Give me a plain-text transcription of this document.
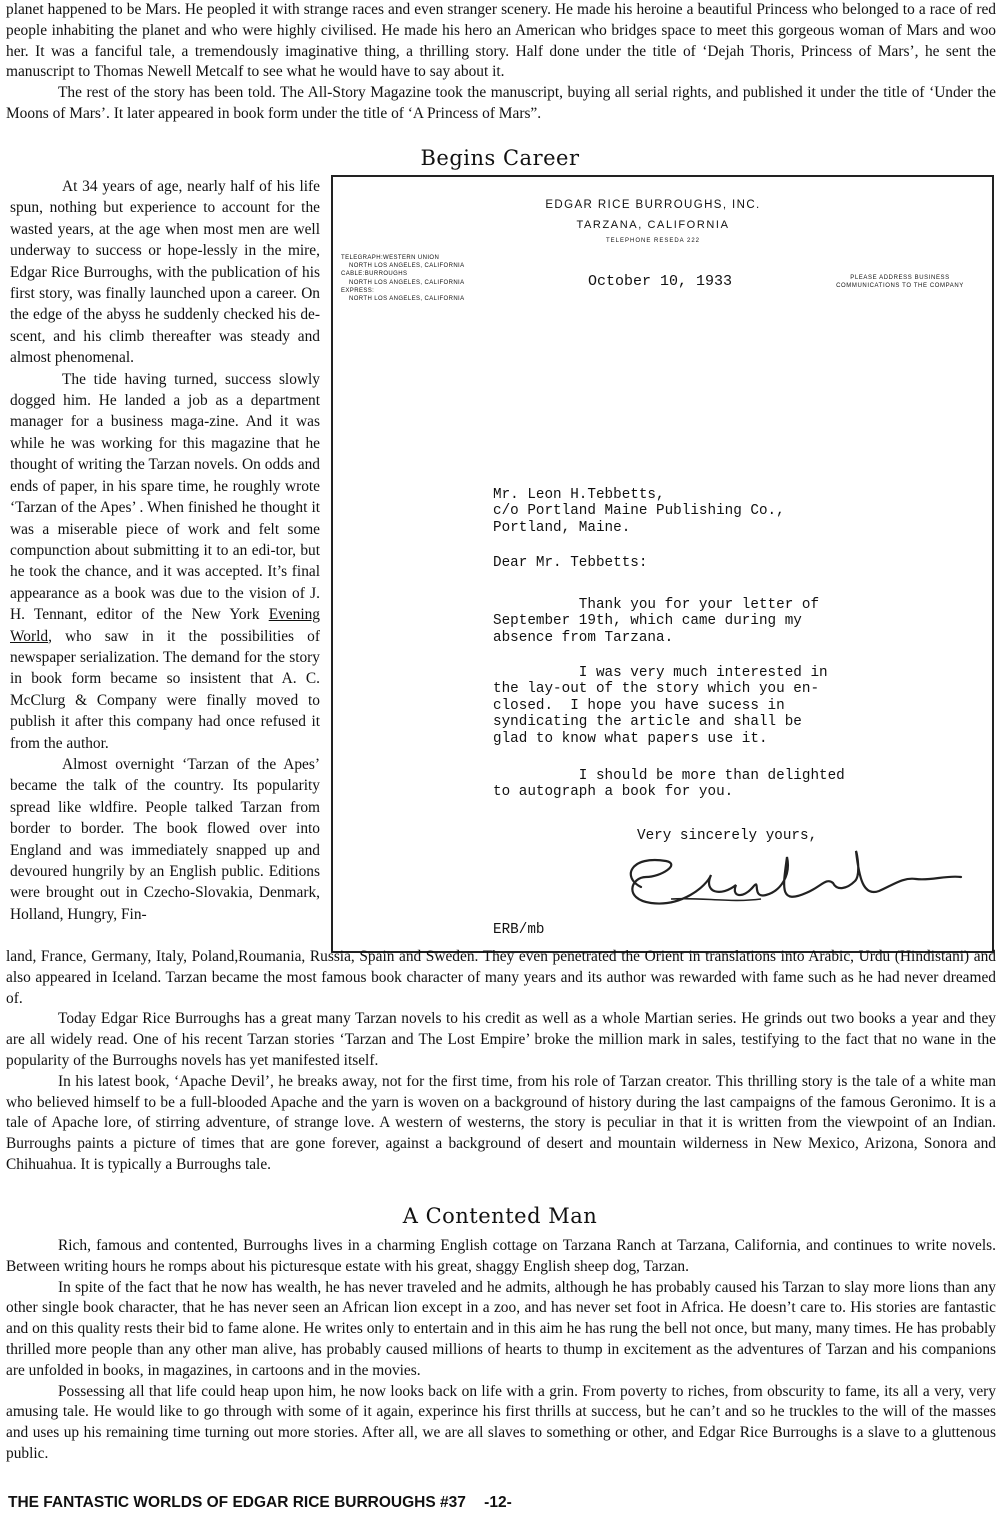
planet happened to be Mars. He peopled it with strange races and even stranger scenery. He made his heroine a beautiful Princess who belonged to a race of red people inhabiting the planet and who were highly civilised. He made his hero an American who bridges space to meet this gorgeous woman of Mars and woo her. It was a fanciful tale, a tremendously imaginative thing, a thrilling story. Half done under the title of ‘Dejah Thoris, Princess of Mars’, he sent the manuscript to Thomas Newell Metcalf to see what he would have to say about it.

The rest of the story has been told. The All-Story Magazine took the manuscript, buying all serial rights, and published it under the title of ‘Under the Moons of Mars’. It later appeared in book form under the title of ‘A Princess of Mars”.

Begins Career

At 34 years of age, nearly half of his life spun, nothing but experience to account for the wasted years, at the age when most men are well underway to success or hope-lessly in the mire, Edgar Rice Burroughs, with the publication of his first story, was finally launched upon a career. On the edge of the abyss he suddenly checked his de-scent, and his climb thereafter was steady and almost phenomenal.

The tide having turned, success slowly dogged him. He landed a job as a department manager for a business maga-zine. And it was while he was working for this magazine that he thought of writing the Tarzan novels. On odds and ends of paper, in his spare time, he roughly wrote ‘Tarzan of the Apes’ . When finished he thought it was a miserable piece of work and felt some compunction about submitting it to an edi-tor, but he took the chance, and it was accepted. It’s final appearance as a book was due to the vision of J. H. Tennant, editor of the New York Evening World, who saw in it the possibilities of newspaper serialization. The demand for the story in book form became so insistent that A. C. McClurg & Company were finally moved to publish it after this company had once refused it from the author.

Almost overnight ‘Tarzan of the Apes’ became the talk of the country. Its popularity spread like wldfire. People talked Tarzan from border to border. The book flowed over into England and was immediately snapped up and devoured hungrily by an English public. Editions were brought out in Czecho-Slovakia, Denmark, Holland, Hungry, Fin-

EDGAR RICE BURROUGHS, INC.
TARZANA, CALIFORNIA
TELEPHONE RESEDA 222
TELEGRAPH:WESTERN UNION
NORTH LOS ANGELES, CALIFORNIA
CABLE:BURROUGHS
NORTH LOS ANGELES, CALIFORNIA
EXPRESS:
NORTH LOS ANGELES, CALIFORNIA
PLEASE ADDRESS BUSINESS
COMMUNICATIONS TO THE COMPANY
October 10, 1933
Mr. Leon H.Tebbetts,
c/o Portland Maine Publishing Co.,
Portland, Maine.
Dear Mr. Tebbetts:
Thank you for your letter of
September 19th, which came during my
absence from Tarzana.
I was very much interested in
the lay-out of the story which you en-
closed.  I hope you have sucess in
syndicating the article and shall be
glad to know what papers use it.
I should be more than delighted
to autograph a book for you.
Very sincerely yours,
ERB/mb

land, France, Germany, Italy, Poland,Roumania, Russia, Spain and Sweden. They even penetrated the Orient in translations into Arabic, Urdu (Hindistani) and also appeared in Iceland. Tarzan became the most famous book character of many years and its author was rewarded with fame such as he had never dreamed of.

Today Edgar Rice Burroughs has a great many Tarzan novels to his credit as well as a whole Martian series. He grinds out two books a year and they are all widely read. One of his recent Tarzan stories ‘Tarzan and The Lost Empire’ broke the million mark in sales, testifying to the fact that no wane in the popularity of the Burroughs novels has yet manifested itself.

In his latest book, ‘Apache Devil’, he breaks away, not for the first time, from his role of Tarzan creator. This thrilling story is the tale of a white man who believed himself to be a full-blooded Apache and the yarn is woven on a background of history during the last campaigns of the famous Geronimo. It is a tale of Apache lore, of stirring adventure, of strange love. A western of westerns, the story is peculiar in that it is written from the viewpoint of an Indian. Burroughs paints a picture of times that are gone forever, against a background of desert and mountain wilderness in New Mexico, Arizona, Sonora and Chihuahua. It is typically a Burroughs tale.

A Contented Man

Rich, famous and contented, Burroughs lives in a charming English cottage on Tarzana Ranch at Tarzana, California, and continues to write novels. Between writing hours he romps about his picturesque estate with his great, shaggy English sheep dog, Tarzan.

In spite of the fact that he now has wealth, he has never traveled and he admits, although he has probably caused his Tarzan to slay more lions than any other single book character, that he has never seen an African lion except in a zoo, and has never set foot in Africa. He doesn’t care to. His stories are fantastic and on this quality rests their bid to fame alone. He writes only to entertain and in this aim he has rung the bell not once, but many, many times. He has probably thrilled more people than any other man alive, has probably caused millions of hearts to thump in excitement as the adventures of Tarzan and his companions are unfolded in books, in magazines, in cartoons and in the movies.

Possessing all that life could heap upon him, he now looks back on life with a grin. From poverty to riches, from obscurity to fame, its all a very, very amusing tale. He would like to go through with some of it again, experince his first thrills at success, but he can’t and so he truckles to the will of the masses and uses up his remaining time turning out more stories. After all, we are all slaves to something or other, and Edgar Rice Burroughs is a slave to a gluttenous public.

THE FANTASTIC WORLDS OF EDGAR RICE BURROUGHS #37 -12-
